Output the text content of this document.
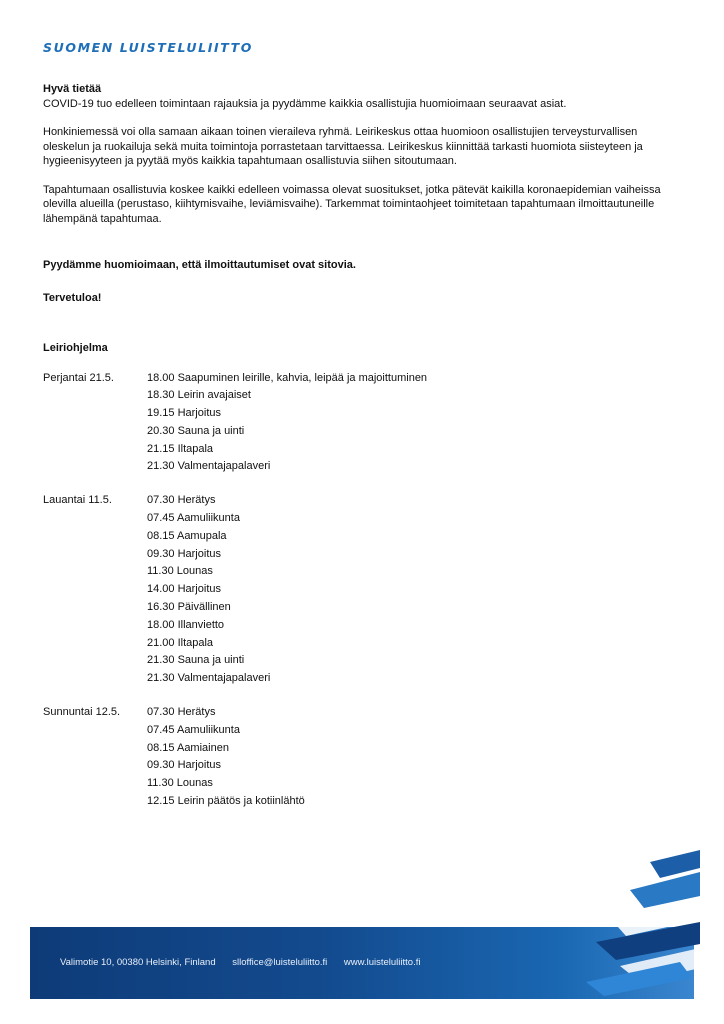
SUOMEN LUISTELULIITTO
Hyvä tietää

COVID-19 tuo edelleen toimintaan rajauksia ja pyydämme kaikkia osallistujia huomioimaan seuraavat asiat.

Honkiniemessä voi olla samaan aikaan toinen vieraileva ryhmä. Leirikeskus ottaa huomioon osallistujien terveysturvallisen oleskelun ja ruokailuja sekä muita toimintoja porrastetaan tarvittaessa. Leirikeskus kiinnittää tarkasti huomiota siisteyteen ja hygieenisyyteen ja pyytää myös kaikkia tapahtumaan osallistuvia siihen sitoutumaan.

Tapahtumaan osallistuvia koskee kaikki edelleen voimassa olevat suositukset, jotka pätevät kaikilla koronaepidemian vaiheissa olevilla alueilla (perustaso, kiihtymisvaihe, leviämisvaihe). Tarkemmat toimintaohjeet toimitetaan tapahtumaan ilmoittautuneille lähempänä tapahtumaa.

Pyydämme huomioimaan, että ilmoittautumiset ovat sitovia.

Tervetuloa!

Leiriohjelma

Perjantai 21.5.	18.00 Saapuminen leirille, kahvia, leipää ja majoittuminen
18.30 Leirin avajaiset
19.15 Harjoitus
20.30 Sauna ja uinti
21.15 Iltapala
21.30 Valmentajapalaveri
Lauantai 11.5.	07.30 Herätys
07.45 Aamuliikunta
08.15 Aamupala
09.30 Harjoitus
11.30 Lounas
14.00 Harjoitus
16.30 Päivällinen
18.00 Illanvietto
21.00 Iltapala
21.30 Sauna ja uinti
21.30 Valmentajapalaveri
Sunnuntai 12.5.	07.30 Herätys
07.45 Aamuliikunta
08.15 Aamiainen
09.30 Harjoitus
11.30 Lounas
12.15 Leirin päätös ja kotiinlähtö
Valimotie 10, 00380 Helsinki, Finland slloffice@luisteluliitto.fi www.luisteluliitto.fi
